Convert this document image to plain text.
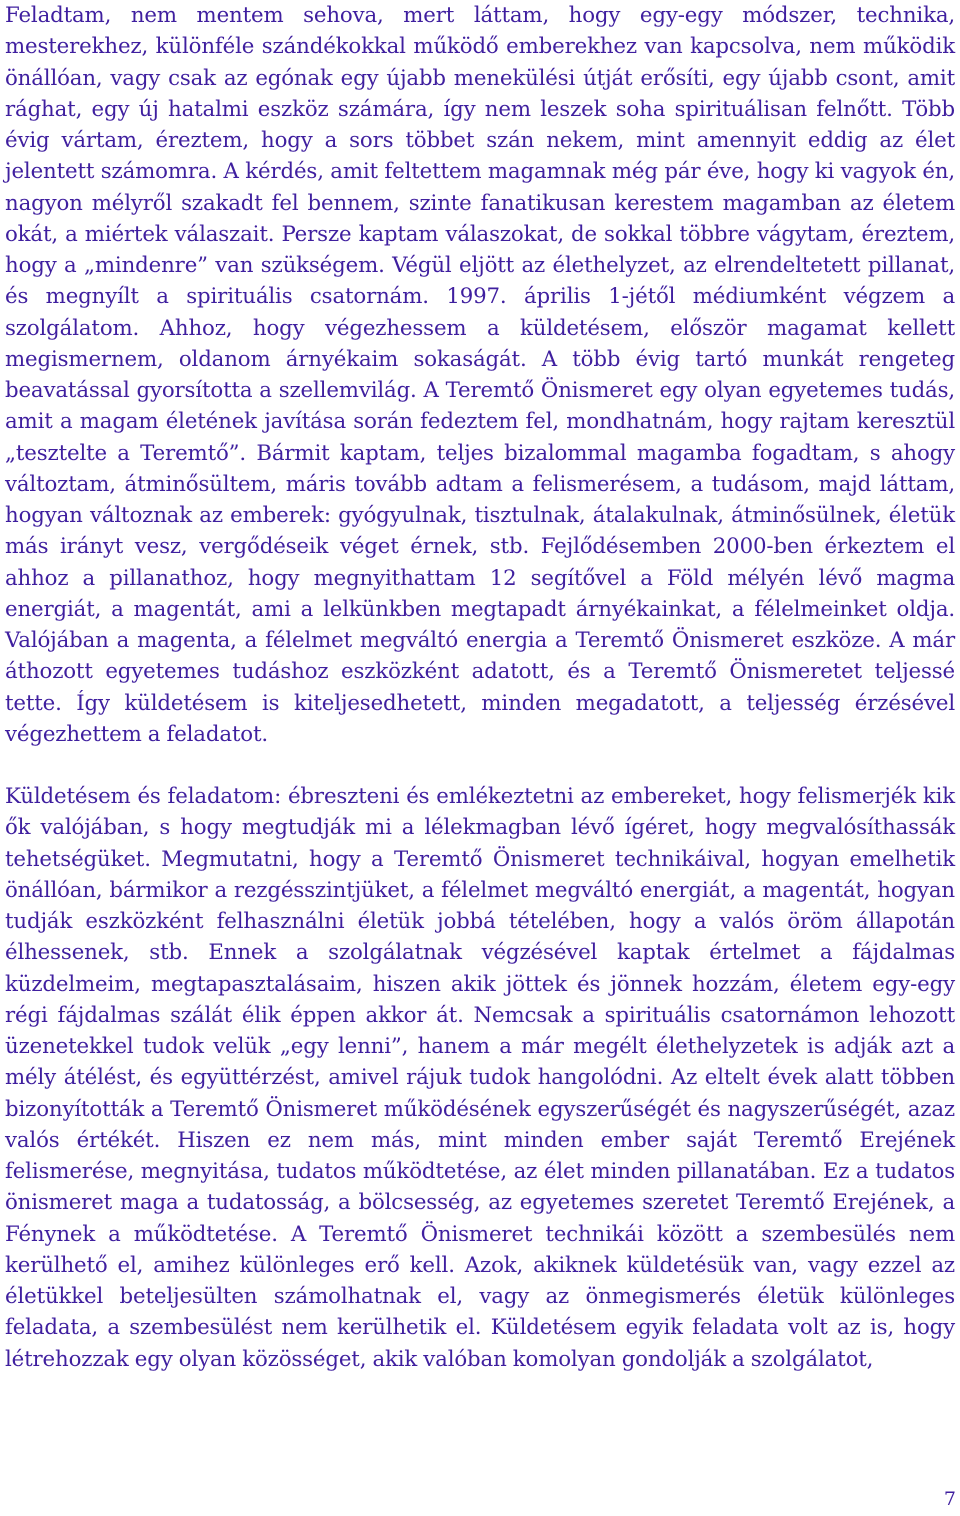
Feladtam, nem mentem sehova, mert láttam, hogy egy-egy módszer, technika, mesterekhez, különféle szándékokkal működő emberekhez van kapcsolva, nem működik önállóan, vagy csak az egónak egy újabb menekülési útját erősíti, egy újabb csont, amit rághat, egy új hatalmi eszköz számára, így nem leszek soha spirituálisan felnőtt. Több évig vártam, éreztem, hogy a sors többet szán nekem, mint amennyit eddig az élet jelentett számomra. A kérdés, amit feltettem magamnak még pár éve, hogy ki vagyok én, nagyon mélyről szakadt fel bennem, szinte fanatikusan kerestem magamban az életem okát, a miértek válaszait. Persze kaptam válaszokat, de sokkal többre vágytam, éreztem, hogy a „mindenre” van szükségem. Végül eljött az élethelyzet, az elrendeltetett pillanat, és megnyílt a spirituális csatornám. 1997. április 1-jétől médiumként végzem a szolgálatom. Ahhoz, hogy végezhessem a küldetésem, először magamat kellett megismernem, oldanom árnyékaim sokaságát. A több évig tartó munkát rengeteg beavatással gyorsította a szellemvilág. A Teremtő Önismeret egy olyan egyetemes tudás, amit a magam életének javítása során fedeztem fel, mondhatnám, hogy rajtam keresztül „tesztelte a Teremtő”. Bármit kaptam, teljes bizalommal magamba fogadtam, s ahogy változtam, átminősültem, máris tovább adtam a felismerésem, a tudásom, majd láttam, hogyan változnak az emberek: gyógyulnak, tisztulnak, átalakulnak, átminősülnek, életük más irányt vesz, vergődéseik véget érnek, stb. Fejlődésemben 2000-ben érkeztem el ahhoz a pillanathoz, hogy megnyithattam 12 segítővel a Föld mélyén lévő magma energiát, a magentát, ami a lelkünkben megtapadt árnyékainkat, a félelmeinket oldja. Valójában a magenta, a félelmet megváltó energia a Teremtő Önismeret eszköze. A már áthozott egyetemes tudáshoz eszközként adatott, és a Teremtő Önismeretet teljessé tette. Így küldetésem is kiteljesedhetett, minden megadatott, a teljesség érzésével végezhettem a feladatot.

Küldetésem és feladatom: ébreszteni és emlékeztetni az embereket, hogy felismerjék kik ők valójában, s hogy megtudják mi a lélekmagban lévő ígéret, hogy megvalósíthassák tehetségüket. Megmutatni, hogy a Teremtő Önismeret technikáival, hogyan emelhetik önállóan, bármikor a rezgésszintjüket, a félelmet megváltó energiát, a magentát, hogyan tudják eszközként felhasználni életük jobbá tételében, hogy a valós öröm állapotán élhessenek, stb. Ennek a szolgálatnak végzésével kaptak értelmet a fájdalmas küzdelmeim, megtapasztalásaim, hiszen akik jöttek és jönnek hozzám, életem egy-egy régi fájdalmas szálát élik éppen akkor át. Nemcsak a spirituális csatornámon lehozott üzenetekkel tudok velük „egy lenni”, hanem a már megélt élethelyzetek is adják azt a mély átélést, és együttérzést, amivel rájuk tudok hangolódni. Az eltelt évek alatt többen bizonyították a Teremtő Önismeret működésének egyszerűségét és nagyszerűségét, azaz valós értékét. Hiszen ez nem más, mint minden ember saját Teremtő Erejének felismerése, megnyitása, tudatos működtetése, az élet minden pillanatában. Ez a tudatos önismeret maga a tudatosság, a bölcsesség, az egyetemes szeretet Teremtő Erejének, a Fénynek a működtetése. A Teremtő Önismeret technikái között a szembesülés nem kerülhető el, amihez különleges erő kell. Azok, akiknek küldetésük van, vagy ezzel az életükkel beteljesülten számolhatnak el, vagy az önmegismerés életük különleges feladata, a szembesülést nem kerülhetik el. Küldetésem egyik feladata volt az is, hogy létrehozzak egy olyan közösséget, akik valóban komolyan gondolják a szolgálatot,

7
